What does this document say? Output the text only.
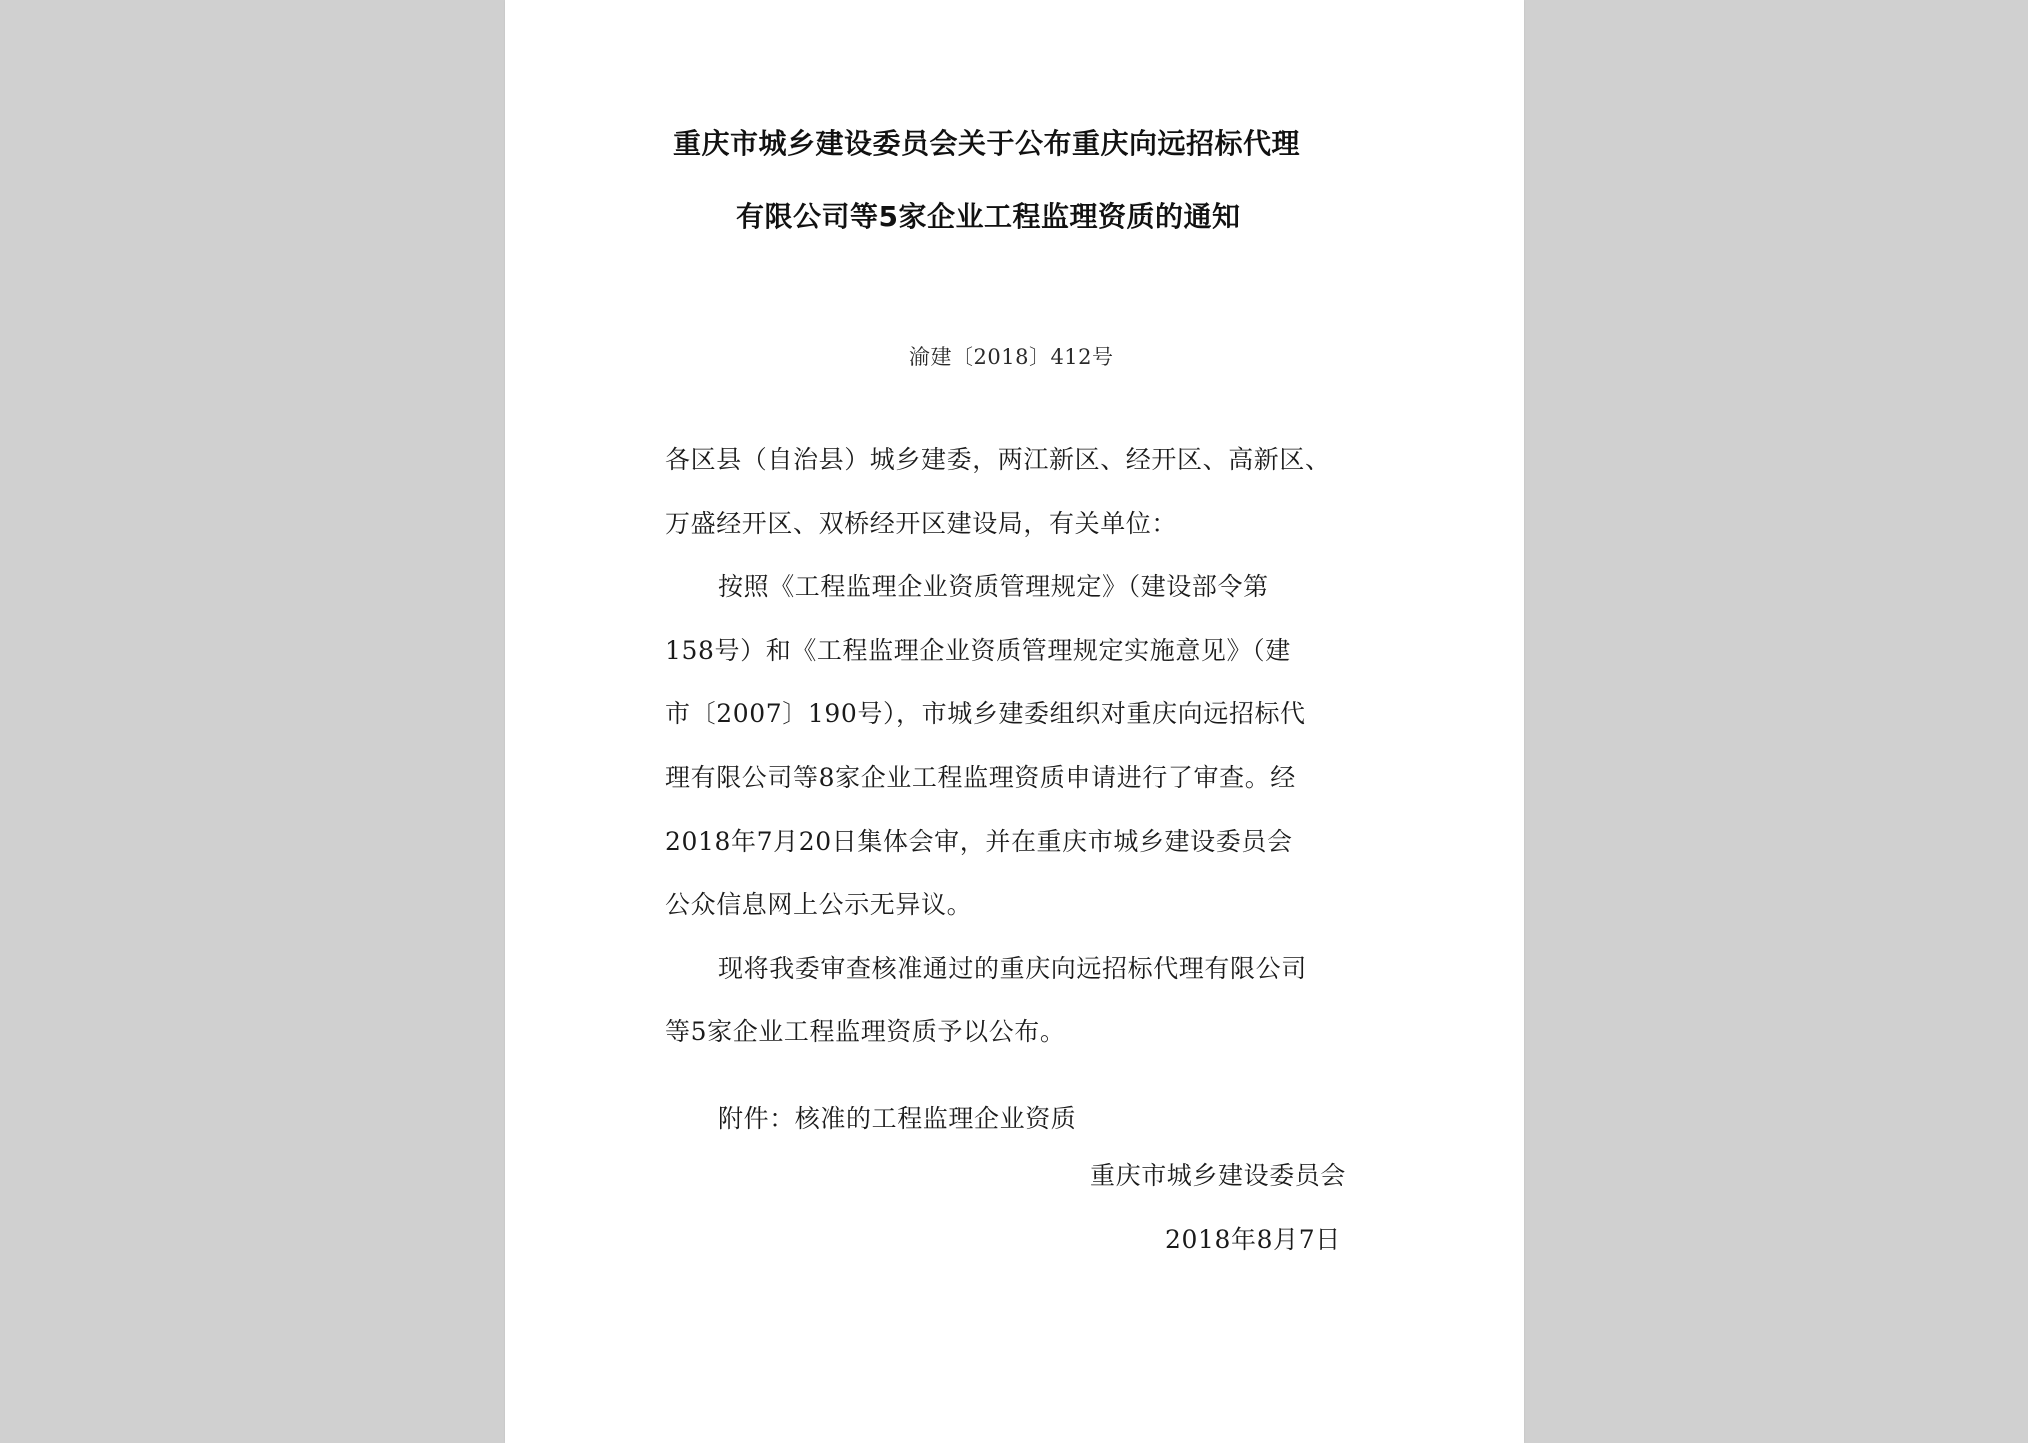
重庆市城乡建设委员会关于公布重庆向远招标代理
有限公司等5家企业工程监理资质的通知
渝建〔2018〕412号
各区县（自治县）城乡建委，两江新区、经开区、高新区、
万盛经开区、双桥经开区建设局，有关单位：
按照《工程监理企业资质管理规定》（建设部令第
158号）和《工程监理企业资质管理规定实施意见》（建
市〔2007〕190号），市城乡建委组织对重庆向远招标代
理有限公司等8家企业工程监理资质申请进行了审查。经
2018年7月20日集体会审，并在重庆市城乡建设委员会
公众信息网上公示无异议。
现将我委审查核准通过的重庆向远招标代理有限公司
等5家企业工程监理资质予以公布。
附件：核准的工程监理企业资质
重庆市城乡建设委员会
2018年8月7日
